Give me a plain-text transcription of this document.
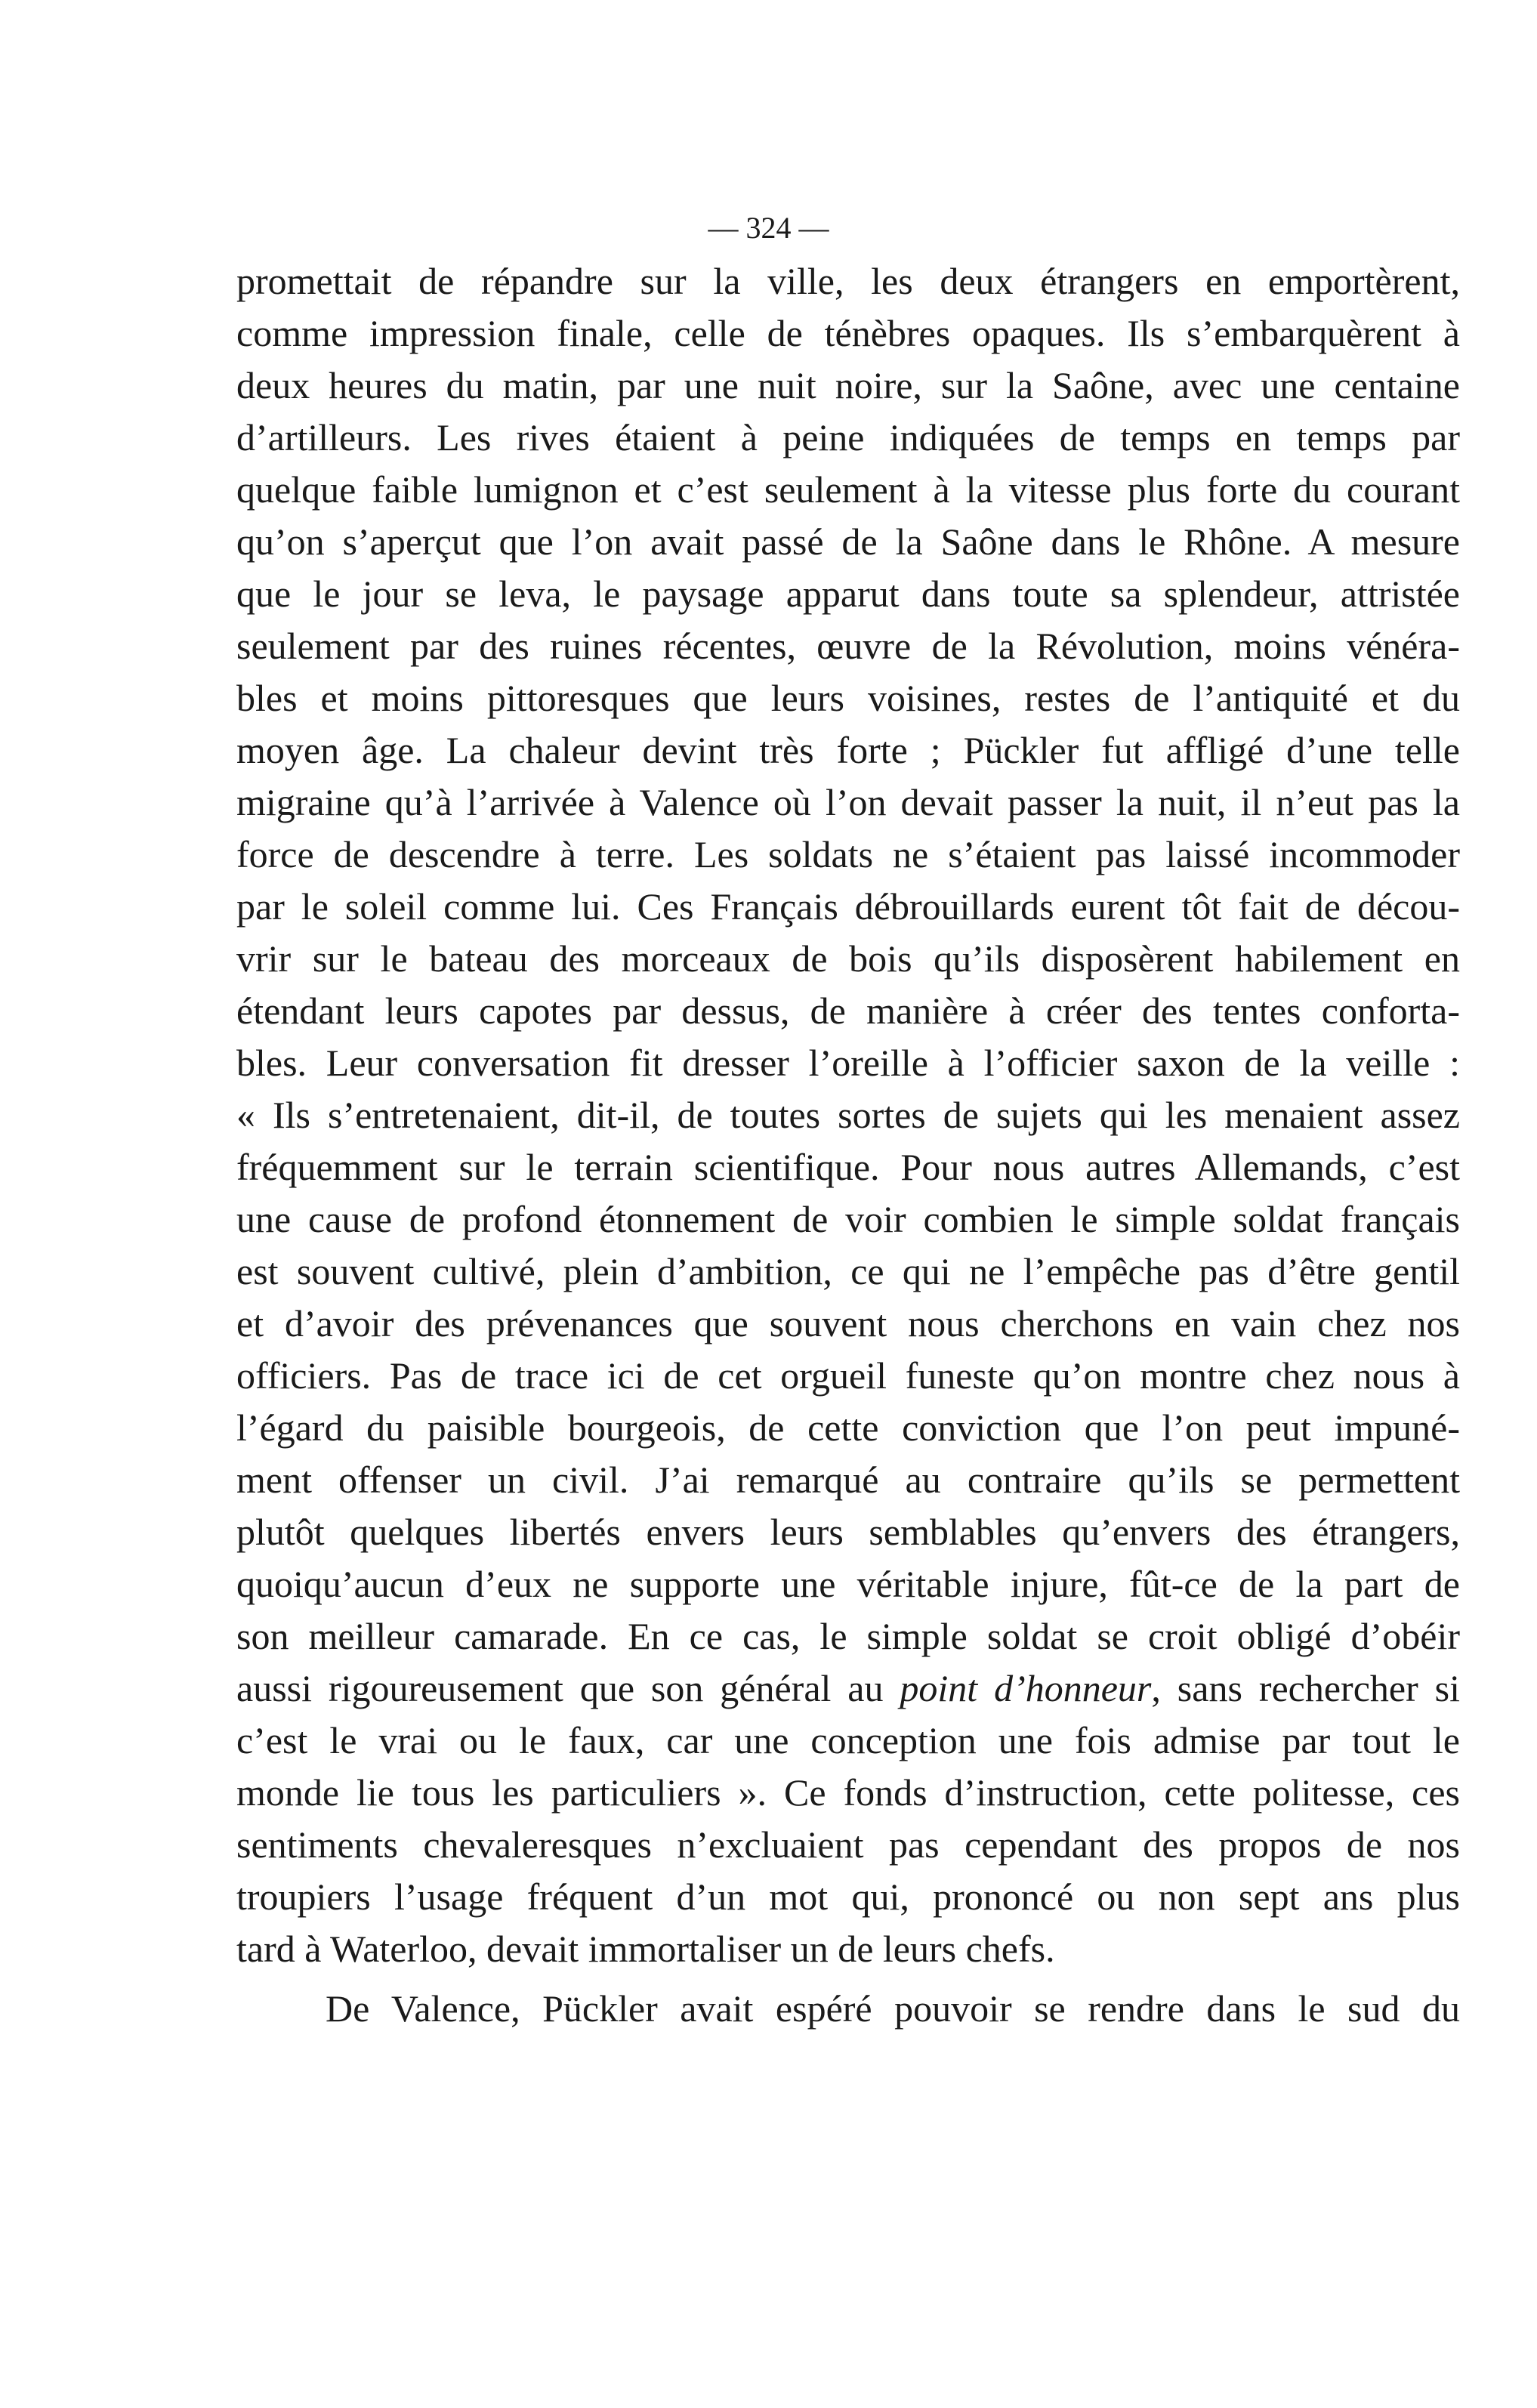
— 324 —
promettait de répandre sur la ville, les deux étrangers en emportèrent,
comme impression finale, celle de ténèbres opaques. Ils s’embarquèrent à
deux heures du matin, par une nuit noire, sur la Saône, avec une centaine
d’artilleurs. Les rives étaient à peine indiquées de temps en temps par
quelque faible lumignon et c’est seulement à la vitesse plus forte du courant
qu’on s’aperçut que l’on avait passé de la Saône dans le Rhône. A mesure
que le jour se leva, le paysage apparut dans toute sa splendeur, attristée
seulement par des ruines récentes, œuvre de la Révolution, moins vénéra-
bles et moins pittoresques que leurs voisines, restes de l’antiquité et du
moyen âge. La chaleur devint très forte ; Pückler fut affligé d’une telle
migraine qu’à l’arrivée à Valence où l’on devait passer la nuit, il n’eut pas la
force de descendre à terre. Les soldats ne s’étaient pas laissé incommoder
par le soleil comme lui. Ces Français débrouillards eurent tôt fait de décou-
vrir sur le bateau des morceaux de bois qu’ils disposèrent habilement en
étendant leurs capotes par dessus, de manière à créer des tentes conforta-
bles. Leur conversation fit dresser l’oreille à l’officier saxon de la veille :
« Ils s’entretenaient, dit-il, de toutes sortes de sujets qui les menaient assez
fréquemment sur le terrain scientifique. Pour nous autres Allemands, c’est
une cause de profond étonnement de voir combien le simple soldat français
est souvent cultivé, plein d’ambition, ce qui ne l’empêche pas d’être gentil
et d’avoir des prévenances que souvent nous cherchons en vain chez nos
officiers. Pas de trace ici de cet orgueil funeste qu’on montre chez nous à
l’égard du paisible bourgeois, de cette conviction que l’on peut impuné-
ment offenser un civil. J’ai remarqué au contraire qu’ils se permettent
plutôt quelques libertés envers leurs semblables qu’envers des étrangers,
quoiqu’aucun d’eux ne supporte une véritable injure, fût-ce de la part de
son meilleur camarade. En ce cas, le simple soldat se croit obligé d’obéir
aussi rigoureusement que son général au point d’honneur, sans rechercher si
c’est le vrai ou le faux, car une conception une fois admise par tout le
monde lie tous les particuliers ». Ce fonds d’instruction, cette politesse, ces
sentiments chevaleresques n’excluaient pas cependant des propos de nos
troupiers l’usage fréquent d’un mot qui, prononcé ou non sept ans plus
tard à Waterloo, devait immortaliser un de leurs chefs.
De Valence, Pückler avait espéré pouvoir se rendre dans le sud du
